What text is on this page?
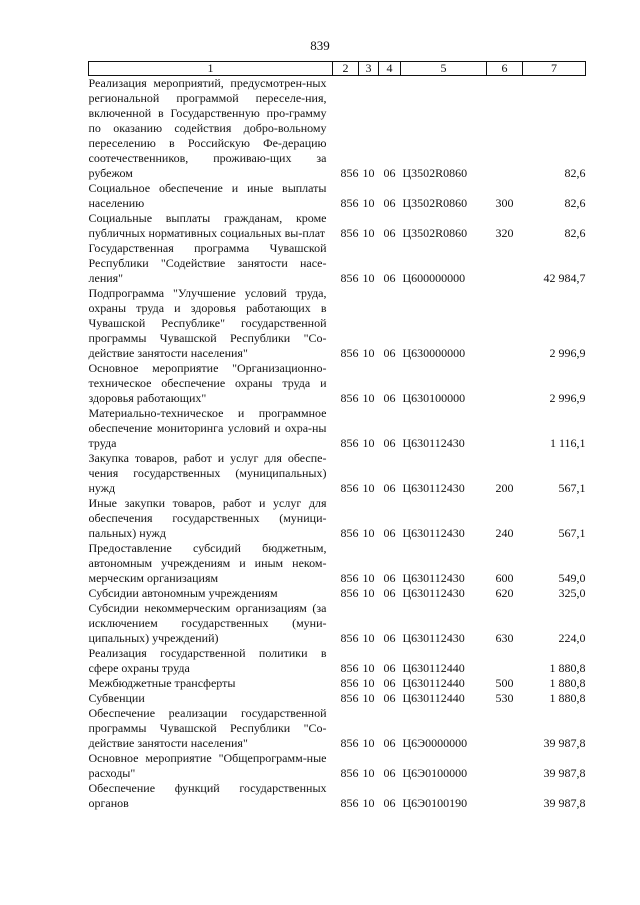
839
1	2	3	4	5	6	7
Реализация мероприятий, предусмотрен-ных региональной программой переселе-ния, включенной в Государственную про-грамму по оказанию содействия добро-вольному переселению в Российскую Фе-дерацию соотечественников, проживаю-щих за рубежом	856	10	06	Ц3502R0860		82,6
Социальное обеспечение и иные выплаты населению	856	10	06	Ц3502R0860	300	82,6
Социальные выплаты гражданам, кроме публичных нормативных социальных вы-плат	856	10	06	Ц3502R0860	320	82,6
Государственная программа Чувашской Республики "Содействие занятости насе-ления"	856	10	06	Ц600000000		42 984,7
Подпрограмма "Улучшение условий труда, охраны труда и здоровья работающих в Чувашской Республике" государственной программы Чувашской Республики "Со-действие занятости населения"	856	10	06	Ц630000000		2 996,9
Основное мероприятие "Организационно-техническое обеспечение охраны труда и здоровья работающих"	856	10	06	Ц630100000		2 996,9
Материально-техническое и программное обеспечение мониторинга условий и охра-ны труда	856	10	06	Ц630112430		1 116,1
Закупка товаров, работ и услуг для обеспе-чения государственных (муниципальных) нужд	856	10	06	Ц630112430	200	567,1
Иные закупки товаров, работ и услуг для обеспечения государственных (муници-пальных) нужд	856	10	06	Ц630112430	240	567,1
Предоставление субсидий бюджетным, автономным учреждениям и иным неком-мерческим организациям	856	10	06	Ц630112430	600	549,0
Субсидии автономным учреждениям	856	10	06	Ц630112430	620	325,0
Субсидии некоммерческим организациям (за исключением государственных (муни-ципальных) учреждений)	856	10	06	Ц630112430	630	224,0
Реализация государственной политики в сфере охраны труда	856	10	06	Ц630112440		1 880,8
Межбюджетные трансферты	856	10	06	Ц630112440	500	1 880,8
Субвенции	856	10	06	Ц630112440	530	1 880,8
Обеспечение реализации государственной программы Чувашской Республики "Со-действие занятости населения"	856	10	06	Ц6Э0000000		39 987,8
Основное мероприятие "Общепрограмм-ные расходы"	856	10	06	Ц6Э0100000		39 987,8
Обеспечение функций государственных органов	856	10	06	Ц6Э0100190		39 987,8
